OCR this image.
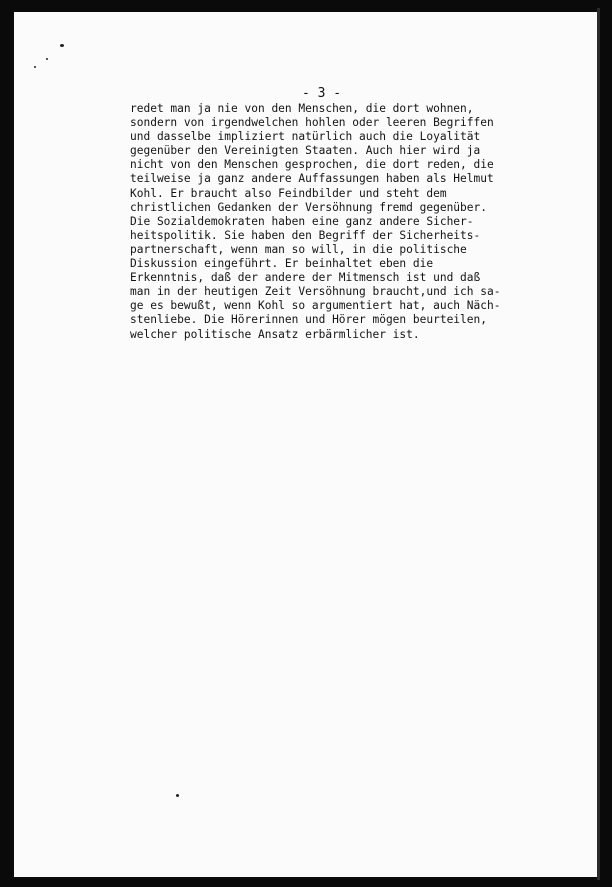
- 3 -
redet man ja nie von den Menschen, die dort wohnen,
sondern von irgendwelchen hohlen oder leeren Begriffen
und dasselbe impliziert natürlich auch die Loyalität
gegenüber den Vereinigten Staaten. Auch hier wird ja
nicht von den Menschen gesprochen, die dort reden, die
teilweise ja ganz andere Auffassungen haben als Helmut
Kohl. Er braucht also Feindbilder und steht dem
christlichen Gedanken der Versöhnung fremd gegenüber.
Die Sozialdemokraten haben eine ganz andere Sicher-
heitspolitik. Sie haben den Begriff der Sicherheits-
partnerschaft, wenn man so will, in die politische
Diskussion eingeführt. Er beinhaltet eben die
Erkenntnis, daß der andere der Mitmensch ist und daß
man in der heutigen Zeit Versöhnung braucht,und ich sa-
ge es bewußt, wenn Kohl so argumentiert hat, auch Näch-
stenliebe. Die Hörerinnen und Hörer mögen beurteilen,
welcher politische Ansatz erbärmlicher ist.
